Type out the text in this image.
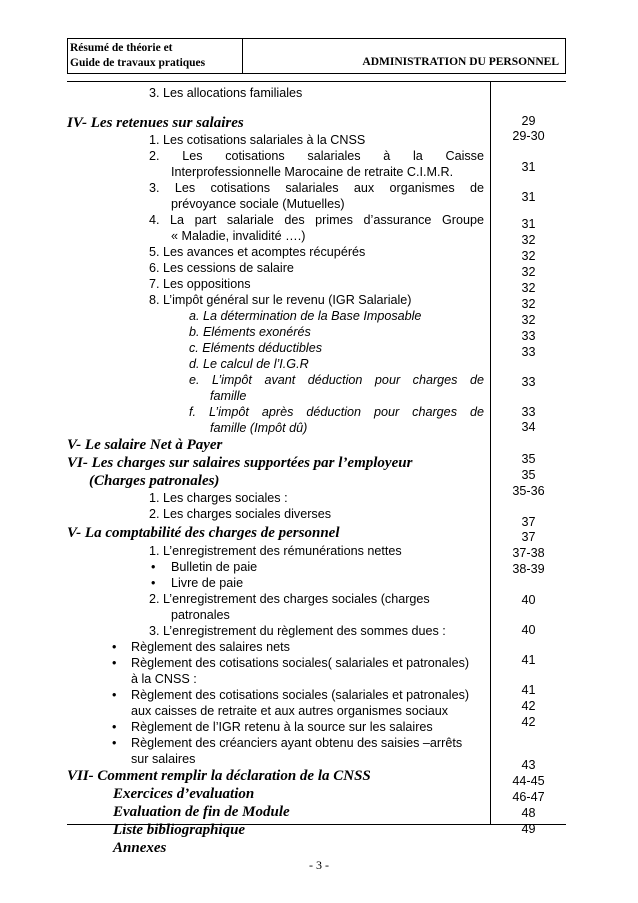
Résumé de théorie et
Guide de travaux pratiques	ADMINISTRATION DU PERSONNEL
3. Les allocations familiales
IV- Les retenues sur salaires
1. Les cotisations salariales à la CNSS
2. Les cotisations salariales à la Caisse
Interprofessionnelle Marocaine de retraite C.I.M.R.
3. Les cotisations salariales aux organismes de
prévoyance sociale (Mutuelles)
4. La part salariale des primes d’assurance Groupe
« Maladie, invalidité ….)
5. Les avances et acomptes récupérés
6. Les cessions de salaire
7. Les oppositions
8. L’impôt général sur le revenu (IGR Salariale)
a. La détermination de la Base Imposable
b. Eléments exonérés
c. Eléments déductibles
d. Le calcul de l’I.G.R
e. L’impôt avant déduction pour charges de
famille
f. L’impôt après déduction pour charges de
famille (Impôt dû)
V- Le salaire Net à Payer
VI- Les charges sur salaires supportées par l’employeur
(Charges patronales)
1. Les charges sociales :
2. Les charges sociales diverses
V- La comptabilité des charges de personnel
1. L’enregistrement des rémunérations nettes
• Bulletin de paie
• Livre de paie
2. L’enregistrement des charges sociales (charges
patronales
3. L’enregistrement du règlement des sommes dues :
• Règlement des salaires nets
• Règlement des cotisations sociales( salariales et patronales)
à la CNSS :
• Règlement des cotisations sociales (salariales et patronales)
aux caisses de retraite et aux autres organismes sociaux
• Règlement de l’IGR retenu à la source sur les salaires
• Règlement des créanciers ayant obtenu des saisies –arrêts
sur salaires
VII- Comment remplir la déclaration de la CNSS
Exercices d’evaluation
Evaluation de fin de Module
Liste bibliographique
Annexes
29
29-30
31
31
31
32
32
32
32
32
32
33
33
33
33
34
35
35
35-36
37
37
37-38
38-39
40
40
41
41
42
42
43
44-45
46-47
48
49
- 3 -
